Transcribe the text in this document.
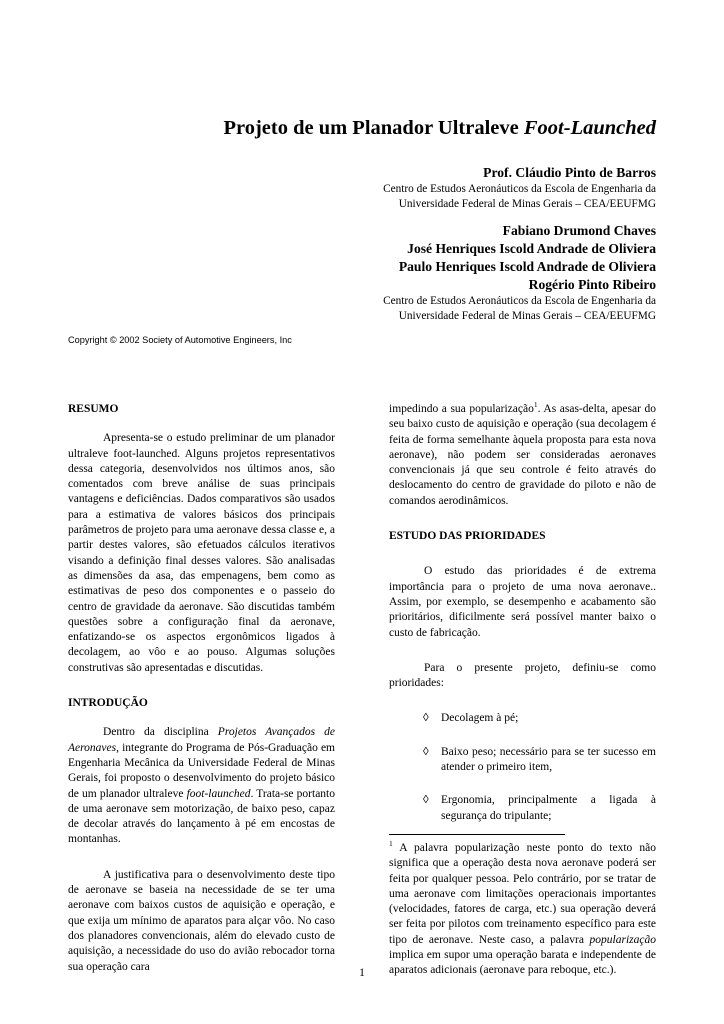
Projeto de um Planador Ultraleve Foot-Launched

Prof. Cláudio Pinto de Barros

Centro de Estudos Aeronáuticos da Escola de Engenharia da

Universidade Federal de Minas Gerais – CEA/EEUFMG

Fabiano Drumond Chaves

José Henriques Iscold Andrade de Oliviera

Paulo Henriques Iscold Andrade de Oliviera

Rogério Pinto Ribeiro

Centro de Estudos Aeronáuticos da Escola de Engenharia da

Universidade Federal de Minas Gerais – CEA/EEUFMG

Copyright © 2002 Society of Automotive Engineers, Inc

RESUMO

Apresenta-se o estudo preliminar de um planador ultraleve foot-launched. Alguns projetos representativos dessa categoria, desenvolvidos nos últimos anos, são comentados com breve análise de suas principais vantagens e deficiências. Dados comparativos são usados para a estimativa de valores básicos dos principais parâmetros de projeto para uma aeronave dessa classe e, a partir destes valores, são efetuados cálculos iterativos visando a definição final desses valores. São analisadas as dimensões da asa, das empenagens, bem como as estimativas de peso dos componentes e o passeio do centro de gravidade da aeronave. São discutidas também questões sobre a configuração final da aeronave, enfatizando-se os aspectos ergonômicos ligados à decolagem, ao vôo e ao pouso. Algumas soluções construtivas são apresentadas e discutidas.

INTRODUÇÃO

Dentro da disciplina Projetos Avançados de Aeronaves, integrante do Programa de Pós-Graduação em Engenharia Mecânica da Universidade Federal de Minas Gerais, foi proposto o desenvolvimento do projeto básico de um planador ultraleve foot-launched. Trata-se portanto de uma aeronave sem motorização, de baixo peso, capaz de decolar através do lançamento à pé em encostas de montanhas.

A justificativa para o desenvolvimento deste tipo de aeronave se baseia na necessidade de se ter uma aeronave com baixos custos de aquisição e operação, e que exija um mínimo de aparatos para alçar vôo. No caso dos planadores convencionais, além do elevado custo de aquisição, a necessidade do uso do avião rebocador torna sua operação cara

impedindo a sua popularização$^1$. As asas-delta, apesar do seu baixo custo de aquisição e operação (sua decolagem é feita de forma semelhante àquela proposta para esta nova aeronave), não podem ser consideradas aeronaves convencionais já que seu controle é feito através do deslocamento do centro de gravidade do piloto e não de comandos aerodinâmicos.

ESTUDO DAS PRIORIDADES

O estudo das prioridades é de extrema importância para o projeto de uma nova aeronave.. Assim, por exemplo, se desempenho e acabamento são prioritários, dificilmente será possível manter baixo o custo de fabricação.

Para o presente projeto, definiu-se como prioridades:

◊	Decolagem à pé;
◊	Baixo peso; necessário para se ter sucesso em atender o primeiro item,
◊	Ergonomia, principalmente a ligada à segurança do tripulante;

$^1$ A palavra popularização neste ponto do texto não significa que a operação desta nova aeronave poderá ser feita por qualquer pessoa. Pelo contrário, por se tratar de uma aeronave com limitações operacionais importantes (velocidades, fatores de carga, etc.) sua operação deverá ser feita por pilotos com treinamento específico para este tipo de aeronave. Neste caso, a palavra popularização implica em supor uma operação barata e independente de aparatos adicionais (aeronave para reboque, etc.).

1
